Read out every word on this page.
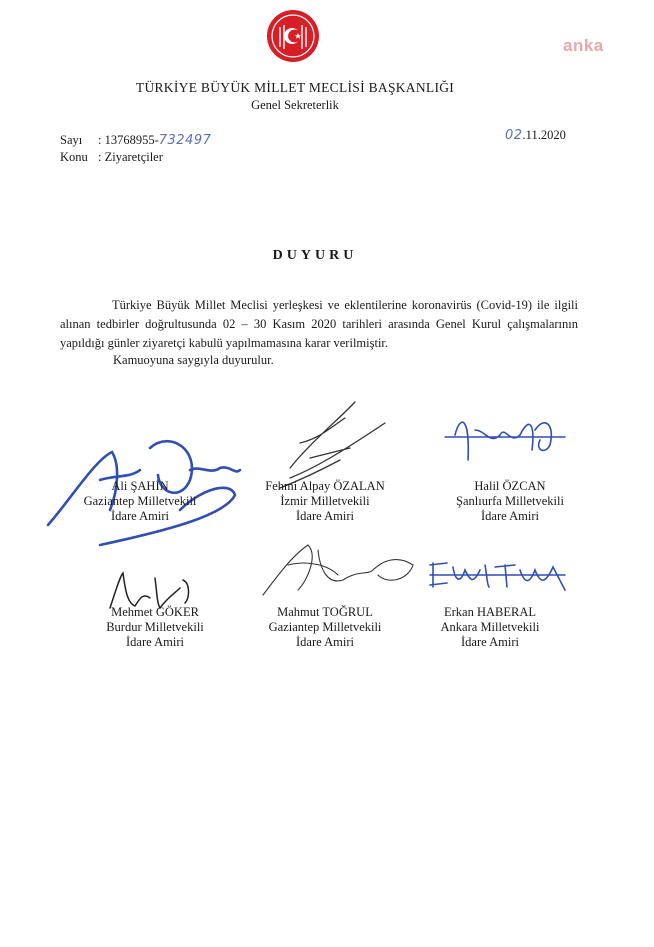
anka
TÜRKİYE BÜYÜK MİLLET MECLİSİ BAŞKANLIĞI
Genel Sekreterlik
Sayı : 13768955-732497
Konu : Ziyaretçiler
02.11.2020
DUYURU

Türkiye Büyük Millet Meclisi yerleşkesi ve eklentilerine koronavirüs (Covid-19) ile ilgili alınan tedbirler doğrultusunda 02 – 30 Kasım 2020 tarihleri arasında Genel Kurul çalışmalarının yapıldığı günler ziyaretçi kabulü yapılmamasına karar verilmiştir.

Kamuoyuna saygıyla duyurulur.
Ali ŞAHİN
Gaziantep Milletvekili
İdare Amiri
Fehmi Alpay ÖZALAN
İzmir Milletvekili
İdare Amiri
Halil ÖZCAN
Şanlıurfa Milletvekili
İdare Amiri
Mehmet GÖKER
Burdur Milletvekili
İdare Amiri
Mahmut TOĞRUL
Gaziantep Milletvekili
İdare Amiri
Erkan HABERAL
Ankara Milletvekili
İdare Amiri
